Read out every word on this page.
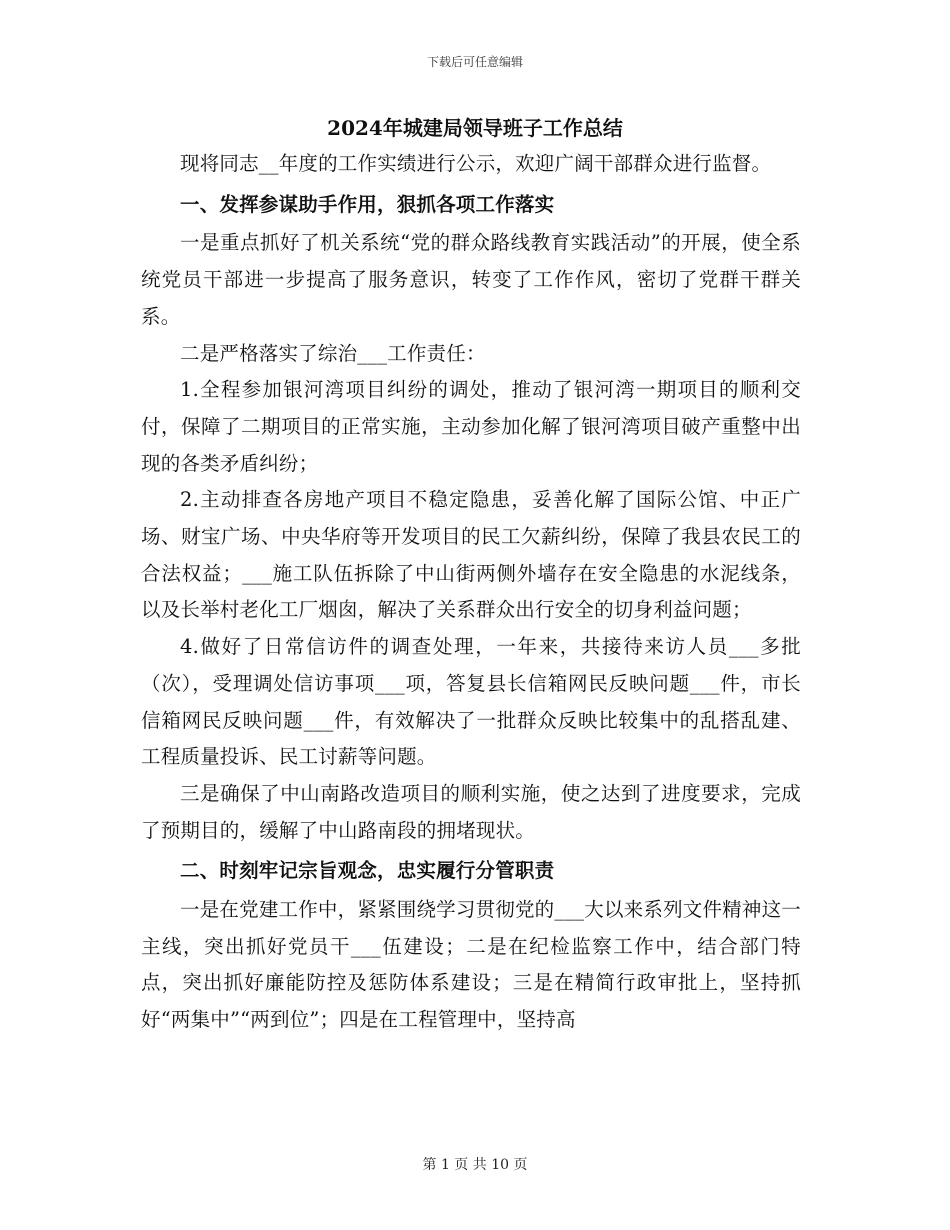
下载后可任意编辑
2024年城建局领导班子工作总结

现将同志__年度的工作实绩进行公示，欢迎广阔干部群众进行监督。

一、发挥参谋助手作用，狠抓各项工作落实

一是重点抓好了机关系统“党的群众路线教育实践活动”的开展，使全系统党员干部进一步提高了服务意识，转变了工作作风，密切了党群干群关系。

二是严格落实了综治___工作责任：

1.全程参加银河湾项目纠纷的调处，推动了银河湾一期项目的顺利交付，保障了二期项目的正常实施，主动参加化解了银河湾项目破产重整中出现的各类矛盾纠纷；

2.主动排查各房地产项目不稳定隐患，妥善化解了国际公馆、中正广场、财宝广场、中央华府等开发项目的民工欠薪纠纷，保障了我县农民工的合法权益；___施工队伍拆除了中山街两侧外墙存在安全隐患的水泥线条，以及长举村老化工厂烟囱，解决了关系群众出行安全的切身利益问题；

4.做好了日常信访件的调查处理，一年来，共接待来访人员___多批（次），受理调处信访事项___项，答复县长信箱网民反映问题___件，市长信箱网民反映问题___件，有效解决了一批群众反映比较集中的乱搭乱建、工程质量投诉、民工讨薪等问题。

三是确保了中山南路改造项目的顺利实施，使之达到了进度要求，完成了预期目的，缓解了中山路南段的拥堵现状。

二、时刻牢记宗旨观念，忠实履行分管职责

一是在党建工作中，紧紧围绕学习贯彻党的___大以来系列文件精神这一主线，突出抓好党员干___伍建设；二是在纪检监察工作中，结合部门特点，突出抓好廉能防控及惩防体系建设；三是在精简行政审批上，坚持抓好“两集中”“两到位”；四是在工程管理中，坚持高

第 1 页 共 10 页
